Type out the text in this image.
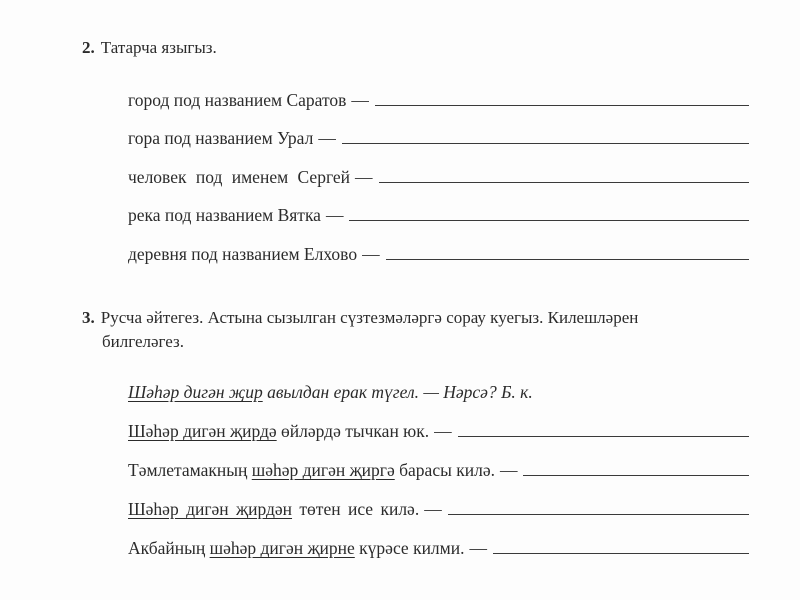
2. Татарча языгыз.
город под названием Саратов —
гора под названием Урал —
человек под именем Сергей —
река под названием Вятка —
деревня под названием Елхово —
3. Русча әйтегез. Астына сызылган сүзтезмәләргә сорау куегыз. Килешләрен
билгеләгез.
Шәһәр дигән җир авылдан ерак түгел. — Нәрсә? Б. к.
Шәһәр дигән җирдә өйләрдә тычкан юк. —
Тәмлетамакның шәһәр дигән җиргә барасы килә. —
Шәһәр дигән җирдән төтен исе килә. —
Акбайның шәһәр дигән җирне күрәсе килми. —
